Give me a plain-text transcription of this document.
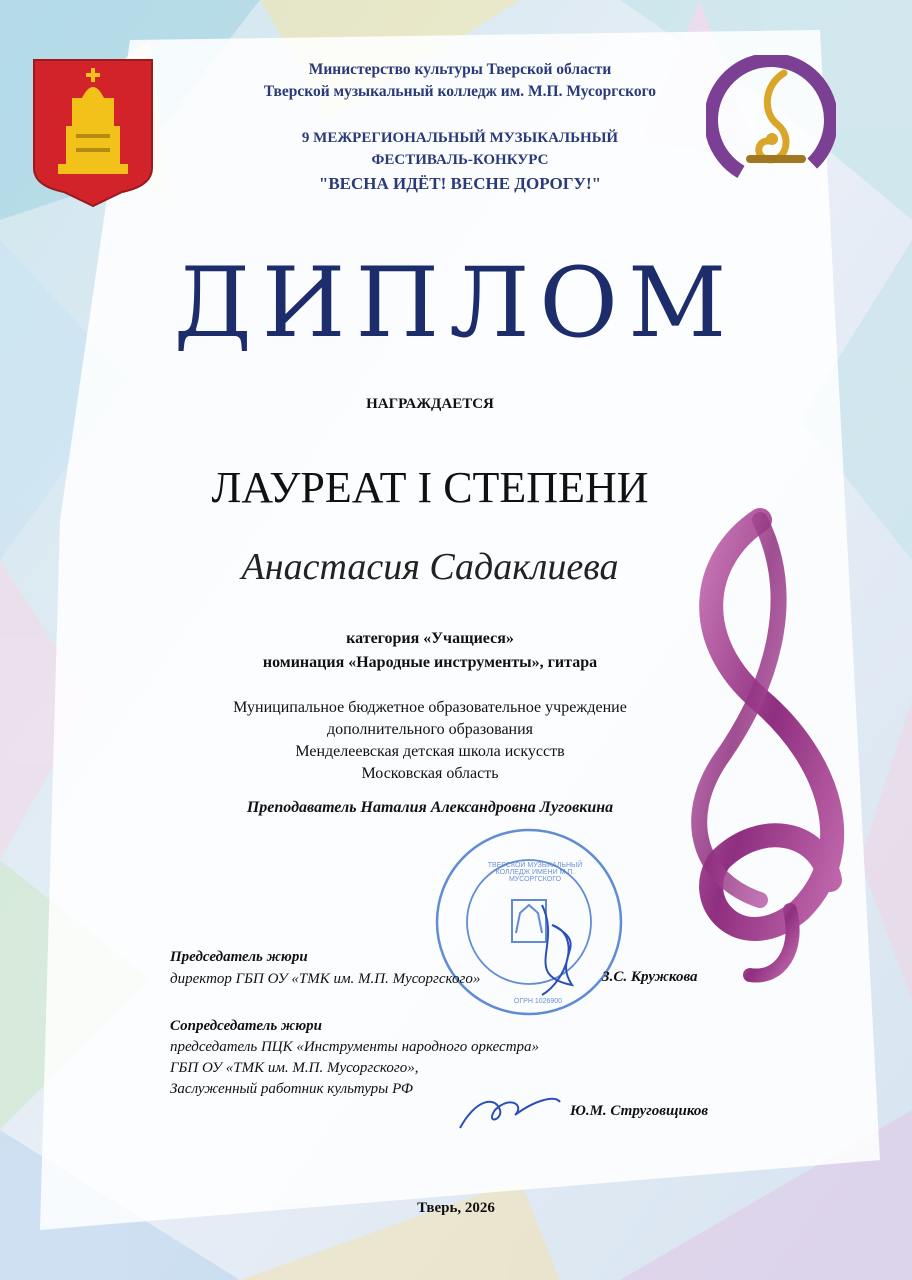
Министерство культуры Тверской области
Тверской музыкальный колледж им. М.П. Мусоргского
9 МЕЖРЕГИОНАЛЬНЫЙ МУЗЫКАЛЬНЫЙ
ФЕСТИВАЛЬ-КОНКУРС
"ВЕСНА ИДЁТ! ВЕСНЕ ДОРОГУ!"
ДИПЛОМ
НАГРАЖДАЕТСЯ
ЛАУРЕАТ I СТЕПЕНИ
Анастасия Садаклиева
категория «Учащиеся»
номинация «Народные инструменты», гитара
Муниципальное бюджетное образовательное учреждение
дополнительного образования
Менделеевская детская школа искусств
Московская область
Преподаватель Наталия Александровна Луговкина
ТВЕРСКОЙ МУЗЫКАЛЬНЫЙ КОЛЛЕДЖ ИМЕНИ М.П. МУСОРГСКОГО
ОГРН 1026900
Председатель жюри
директор ГБП ОУ «ТМК им. М.П. Мусоргского»	З.С. Кружкова
Сопредседатель жюри
председатель ПЦК «Инструменты народного оркестра»
ГБП ОУ «ТМК им. М.П. Мусоргского»,
Заслуженный работник культуры РФ
Ю.М. Струговщиков
Тверь, 2026
